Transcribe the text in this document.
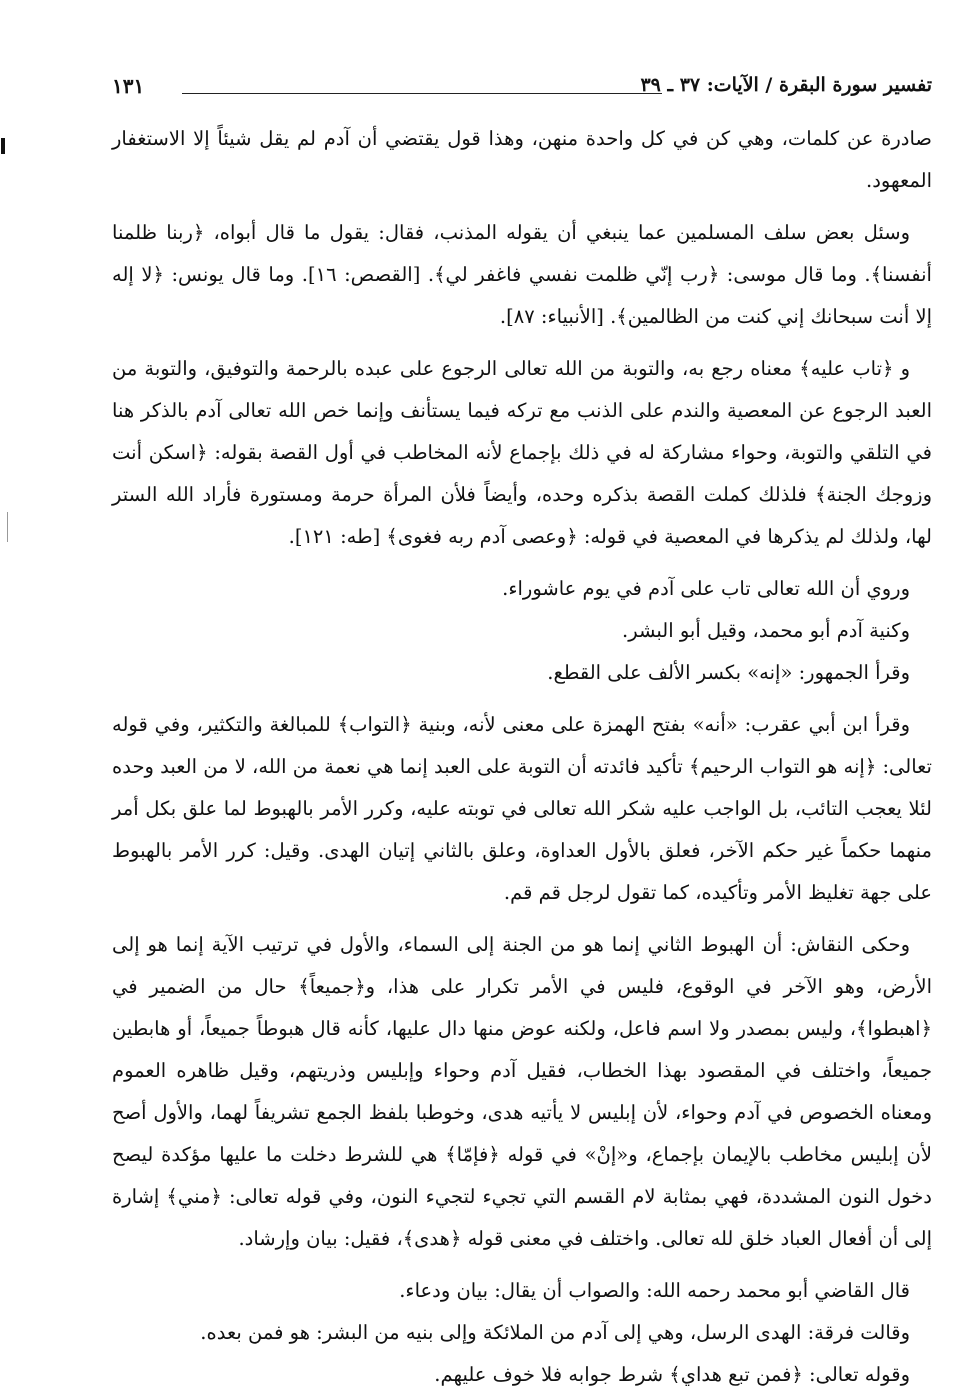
تفسير سورة البقرة / الآيات: ٣٧ ـ ٣٩
١٣١

صادرة عن كلمات، وهي كن في كل واحدة منهن، وهذا قول يقتضي أن آدم لم يقل شيئاً إلا الاستغفار المعهود.

وسئل بعض سلف المسلمين عما ينبغي أن يقوله المذنب، فقال: يقول ما قال أبواه، ﴿ربنا ظلمنا أنفسنا﴾. وما قال موسى: ﴿رب إنّي ظلمت نفسي فاغفر لي﴾. [القصص: ١٦]. وما قال يونس: ﴿لا إله إلا أنت سبحانك إني كنت من الظالمين﴾. [الأنبياء: ٨٧].

و ﴿تاب عليه﴾ معناه رجع به، والتوبة من الله تعالى الرجوع على عبده بالرحمة والتوفيق، والتوبة من العبد الرجوع عن المعصية والندم على الذنب مع تركه فيما يستأنف وإنما خص الله تعالى آدم بالذكر هنا في التلقي والتوبة، وحواء مشاركة له في ذلك بإجماع لأنه المخاطب في أول القصة بقوله: ﴿اسكن أنت وزوجك الجنة﴾ فلذلك كملت القصة بذكره وحده، وأيضاً فلأن المرأة حرمة ومستورة فأراد الله الستر لها، ولذلك لم يذكرها في المعصية في قوله: ﴿وعصى آدم ربه فغوى﴾ [طه: ١٢١].

وروي أن الله تعالى تاب على آدم في يوم عاشوراء.

وكنية آدم أبو محمد، وقيل أبو البشر.

وقرأ الجمهور: «إنه» بكسر الألف على القطع.

وقرأ ابن أبي عقرب: «أنه» بفتح الهمزة على معنى لأنه، وبنية ﴿التواب﴾ للمبالغة والتكثير، وفي قوله تعالى: ﴿إنه هو التواب الرحيم﴾ تأكيد فائدته أن التوبة على العبد إنما هي نعمة من الله، لا من العبد وحده لئلا يعجب التائب، بل الواجب عليه شكر الله تعالى في توبته عليه، وكرر الأمر بالهبوط لما علق بكل أمر منهما حكماً غير حكم الآخر، فعلق بالأول العداوة، وعلق بالثاني إتيان الهدى. وقيل: كرر الأمر بالهبوط على جهة تغليظ الأمر وتأكيده، كما تقول لرجل قم قم.

وحكى النقاش: أن الهبوط الثاني إنما هو من الجنة إلى السماء، والأول في ترتيب الآية إنما هو إلى الأرض، وهو الآخر في الوقوع، فليس في الأمر تكرار على هذا، و﴿جميعاً﴾ حال من الضمير في ﴿اهبطوا﴾، وليس بمصدر ولا اسم فاعل، ولكنه عوض منها دال عليها، كأنه قال هبوطاً جميعاً، أو هابطين جميعاً، واختلف في المقصود بهذا الخطاب، فقيل آدم وحواء وإبليس وذريتهم، وقيل ظاهره العموم ومعناه الخصوص في آدم وحواء، لأن إبليس لا يأتيه هدى، وخوطبا بلفظ الجمع تشريفاً لهما، والأول أصح لأن إبليس مخاطب بالإيمان بإجماع، و«إنْ» في قوله ﴿فإمّا﴾ هي للشرط دخلت ما عليها مؤكدة ليصح دخول النون المشددة، فهي بمثابة لام القسم التي تجيء لتجيء النون، وفي قوله تعالى: ﴿مني﴾ إشارة إلى أن أفعال العباد خلق لله تعالى. واختلف في معنى قوله ﴿هدى﴾، فقيل: بيان وإرشاد.

قال القاضي أبو محمد رحمه الله: والصواب أن يقال: بيان ودعاء.

وقالت فرقة: الهدى الرسل، وهي إلى آدم من الملائكة وإلى بنيه من البشر: هو فمن بعده.

وقوله تعالى: ﴿فمن تبع هداي﴾ شرط جوابه فلا خوف عليهم.
